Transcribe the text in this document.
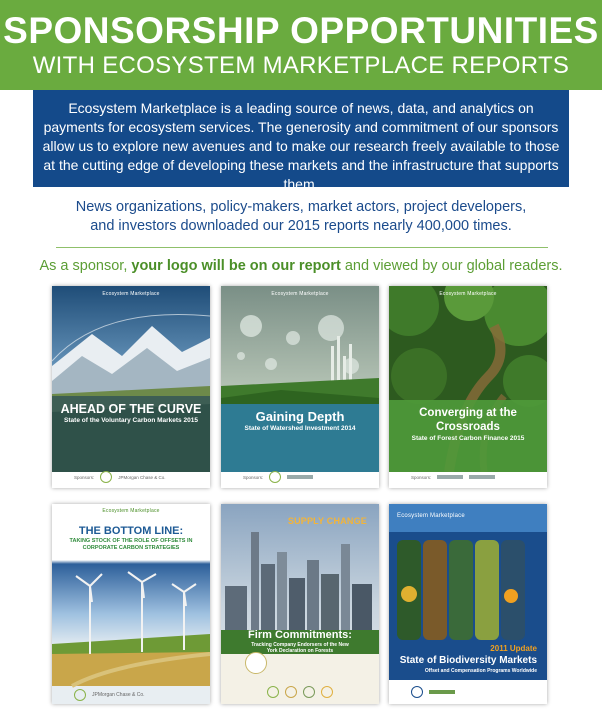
SPONSORSHIP OPPORTUNITIES
WITH ECOSYSTEM MARKETPLACE REPORTS
Ecosystem Marketplace is a leading source of news, data, and analytics on payments for ecosystem services. The generosity and commitment of our sponsors allow us to explore new avenues and to make our research freely available to those at the cutting edge of developing these markets and the infrastructure that supports them.
News organizations, policy-makers, market actors, project developers,
and investors downloaded our 2015 reports nearly 400,000 times.
As a sponsor, your logo will be on our report and viewed by our global readers.
Ecosystem Marketplace
AHEAD OF THE CURVE
State of the Voluntary Carbon Markets 2015
Sponsors:	JPMorgan Chase & Co.
Ecosystem Marketplace
Gaining Depth
State of Watershed Investment 2014
Sponsors:
Ecosystem Marketplace
Converging at the Crossroads
State of Forest Carbon Finance 2015
Sponsors:
THE BOTTOM LINE:
TAKING STOCK OF THE ROLE OF OFFSETS IN CORPORATE CARBON STRATEGIES
Ecosystem Marketplace
JPMorgan Chase & Co.
SUPPLY CHANGE
Firm Commitments:
Tracking Company Endorsers of the New York Declaration on Forests
Ecosystem Marketplace
2011 Update
State of Biodiversity Markets
Offset and Compensation Programs Worldwide
